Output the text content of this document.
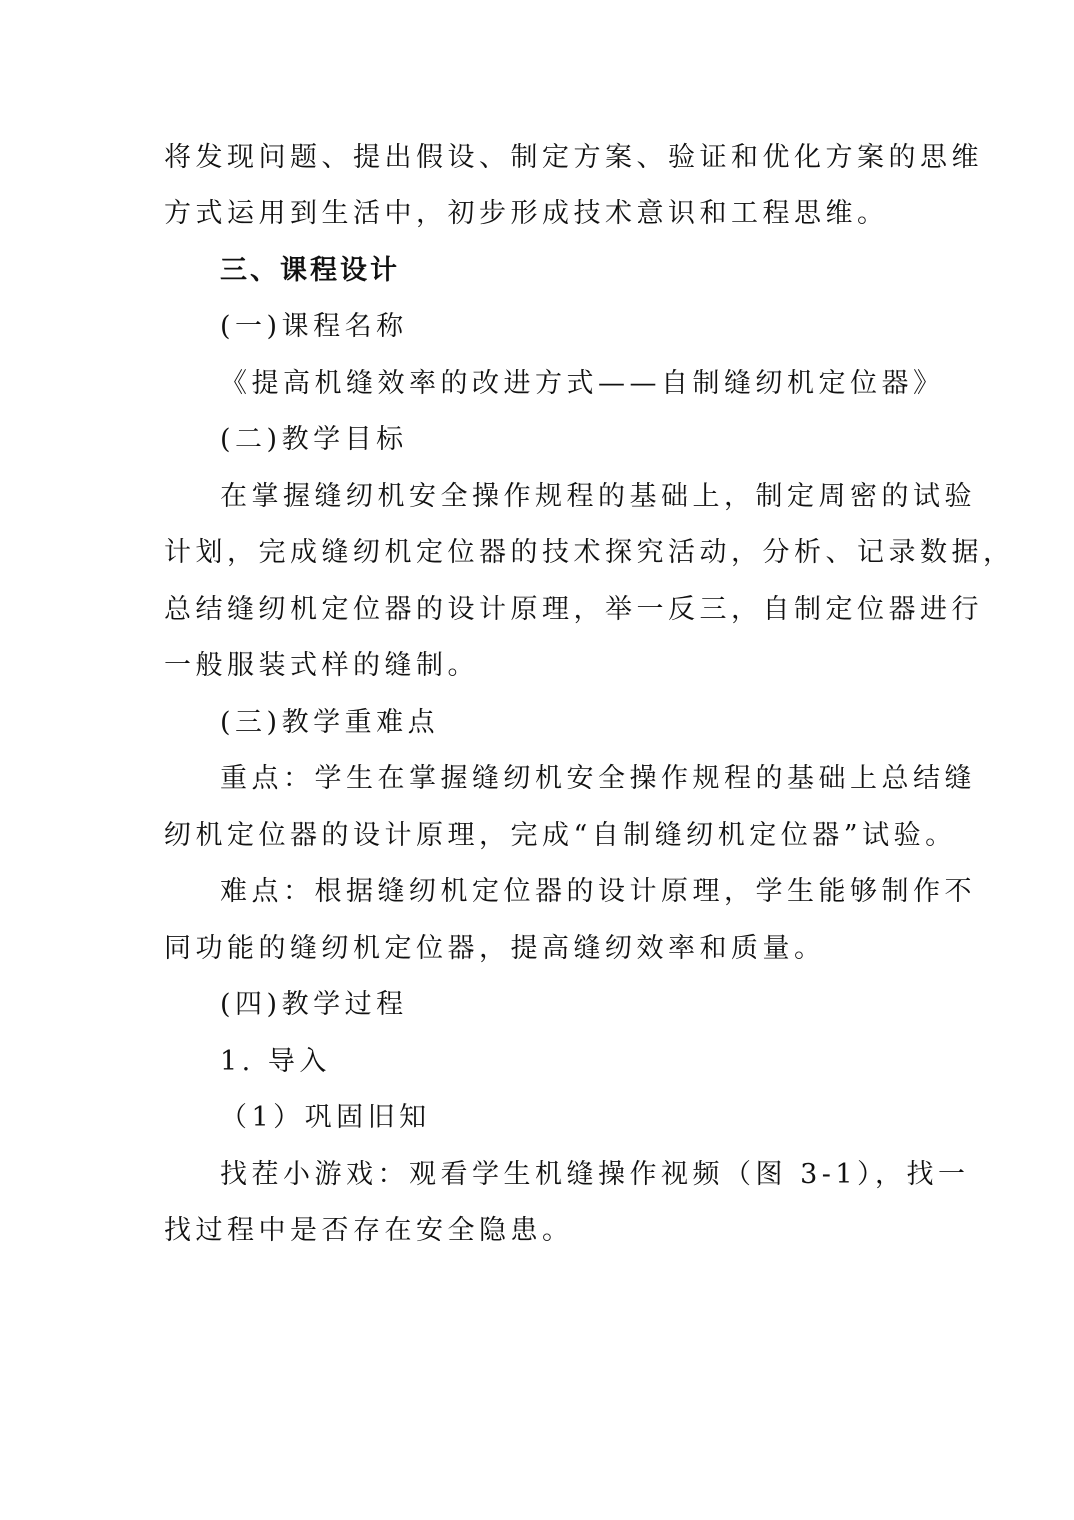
将发现问题、提出假设、制定方案、验证和优化方案的思维

方式运用到生活中，初步形成技术意识和工程思维。

三、课程设计

(一)课程名称

《提高机缝效率的改进方式——自制缝纫机定位器》

(二)教学目标

在掌握缝纫机安全操作规程的基础上，制定周密的试验

计划，完成缝纫机定位器的技术探究活动，分析、记录数据，

总结缝纫机定位器的设计原理，举一反三，自制定位器进行

一般服装式样的缝制。

(三)教学重难点

重点：学生在掌握缝纫机安全操作规程的基础上总结缝

纫机定位器的设计原理，完成“自制缝纫机定位器”试验。

难点：根据缝纫机定位器的设计原理，学生能够制作不

同功能的缝纫机定位器，提高缝纫效率和质量。

(四)教学过程

1. 导入

（1）巩固旧知

找茬小游戏：观看学生机缝操作视频（图 3-1），找一

找过程中是否存在安全隐患。
